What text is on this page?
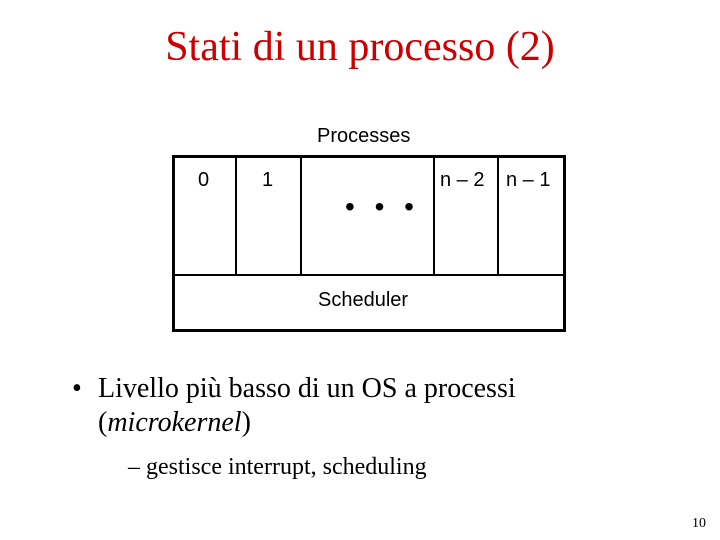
Stati di un processo (2)
Processes
0	1
• • •
n – 2 n – 1
Scheduler
• Livello più basso di un OS a processi
(microkernel)
– gestisce interrupt, scheduling
10
